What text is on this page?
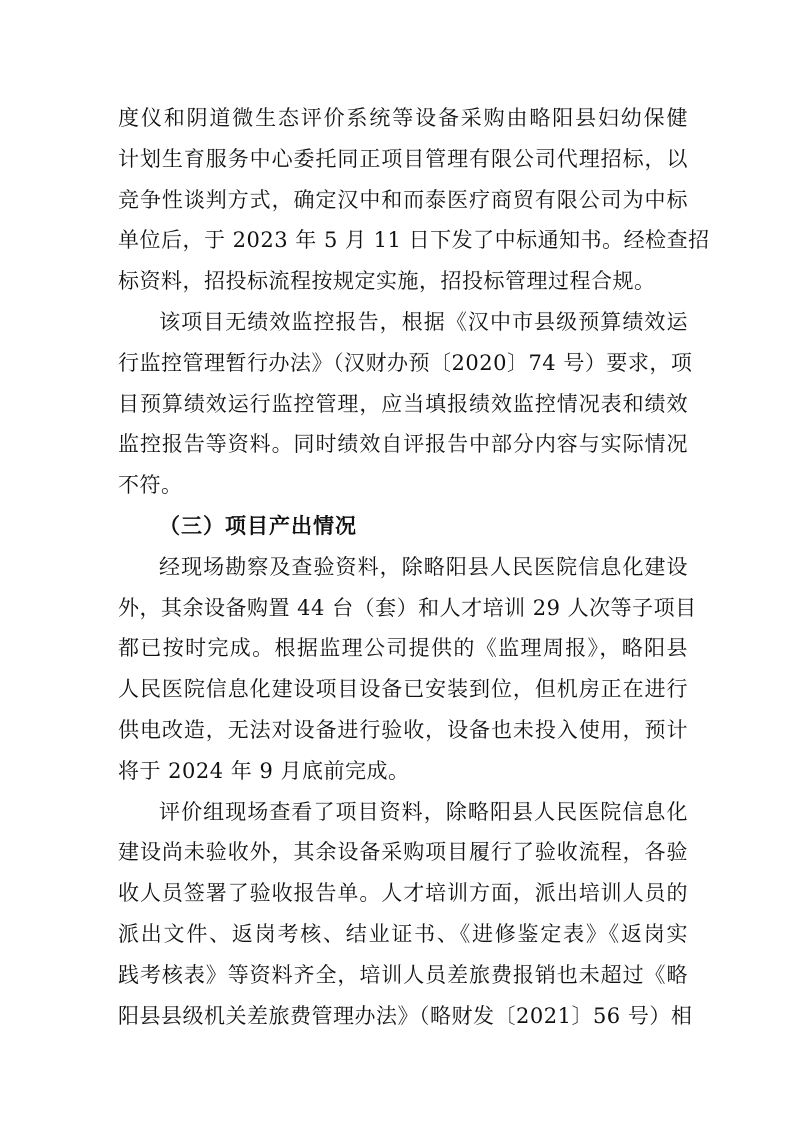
度仪和阴道微生态评价系统等设备采购由略阳县妇幼保健
计划生育服务中心委托同正项目管理有限公司代理招标，以
竞争性谈判方式，确定汉中和而泰医疗商贸有限公司为中标
单位后，于 2023 年 5 月 11 日下发了中标通知书。经检查招
标资料，招投标流程按规定实施，招投标管理过程合规。
该项目无绩效监控报告，根据《汉中市县级预算绩效运
行监控管理暂行办法》（汉财办预〔2020〕74 号）要求，项
目预算绩效运行监控管理，应当填报绩效监控情况表和绩效
监控报告等资料。同时绩效自评报告中部分内容与实际情况
不符。
（三）项目产出情况
经现场勘察及查验资料，除略阳县人民医院信息化建设
外，其余设备购置 44 台（套）和人才培训 29 人次等子项目
都已按时完成。根据监理公司提供的《监理周报》，略阳县
人民医院信息化建设项目设备已安装到位，但机房正在进行
供电改造，无法对设备进行验收，设备也未投入使用，预计
将于 2024 年 9 月底前完成。
评价组现场查看了项目资料，除略阳县人民医院信息化
建设尚未验收外，其余设备采购项目履行了验收流程，各验
收人员签署了验收报告单。人才培训方面，派出培训人员的
派出文件、返岗考核、结业证书、《进修鉴定表》《返岗实
践考核表》等资料齐全，培训人员差旅费报销也未超过《略
阳县县级机关差旅费管理办法》（略财发〔2021〕56 号）相
